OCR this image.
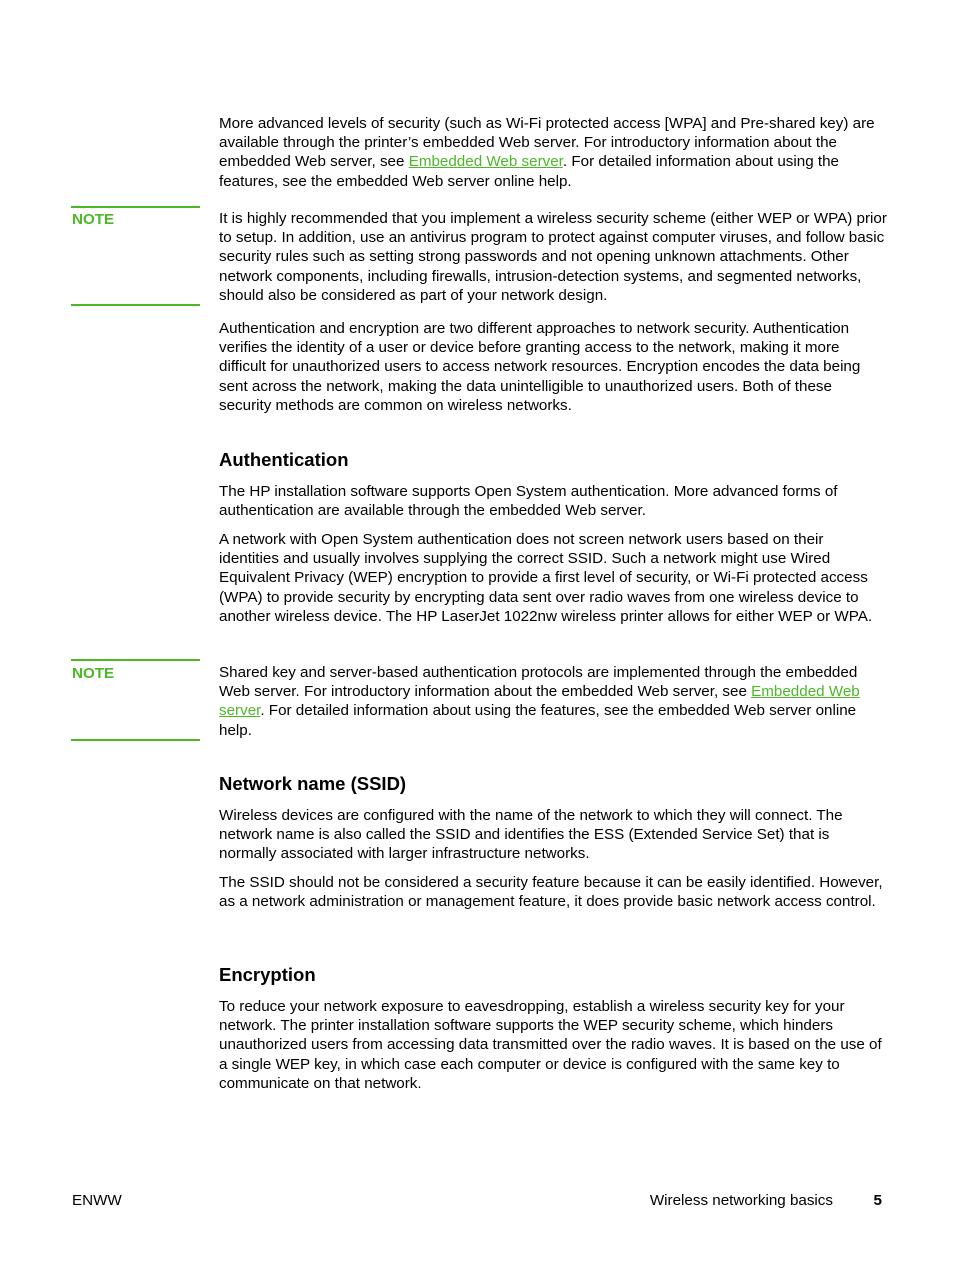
More advanced levels of security (such as Wi-Fi protected access [WPA] and Pre-shared key) are available through the printer’s embedded Web server. For introductory information about the embedded Web server, see Embedded Web server. For detailed information about using the features, see the embedded Web server online help.
NOTE	It is highly recommended that you implement a wireless security scheme (either WEP or WPA) prior to setup. In addition, use an antivirus program to protect against computer viruses, and follow basic security rules such as setting strong passwords and not opening unknown attachments. Other network components, including firewalls, intrusion-detection systems, and segmented networks, should also be considered as part of your network design.
Authentication and encryption are two different approaches to network security. Authentication verifies the identity of a user or device before granting access to the network, making it more difficult for unauthorized users to access network resources. Encryption encodes the data being sent across the network, making the data unintelligible to unauthorized users. Both of these security methods are common on wireless networks.
Authentication
The HP installation software supports Open System authentication. More advanced forms of authentication are available through the embedded Web server.
A network with Open System authentication does not screen network users based on their identities and usually involves supplying the correct SSID. Such a network might use Wired Equivalent Privacy (WEP) encryption to provide a first level of security, or Wi-Fi protected access (WPA) to provide security by encrypting data sent over radio waves from one wireless device to another wireless device. The HP LaserJet 1022nw wireless printer allows for either WEP or WPA.
NOTE	Shared key and server-based authentication protocols are implemented through the embedded Web server. For introductory information about the embedded Web server, see Embedded Web server. For detailed information about using the features, see the embedded Web server online help.
Network name (SSID)
Wireless devices are configured with the name of the network to which they will connect. The network name is also called the SSID and identifies the ESS (Extended Service Set) that is normally associated with larger infrastructure networks.
The SSID should not be considered a security feature because it can be easily identified. However, as a network administration or management feature, it does provide basic network access control.
Encryption
To reduce your network exposure to eavesdropping, establish a wireless security key for your network. The printer installation software supports the WEP security scheme, which hinders unauthorized users from accessing data transmitted over the radio waves. It is based on the use of a single WEP key, in which case each computer or device is configured with the same key to communicate on that network.
ENWW	Wireless networking basics	5
